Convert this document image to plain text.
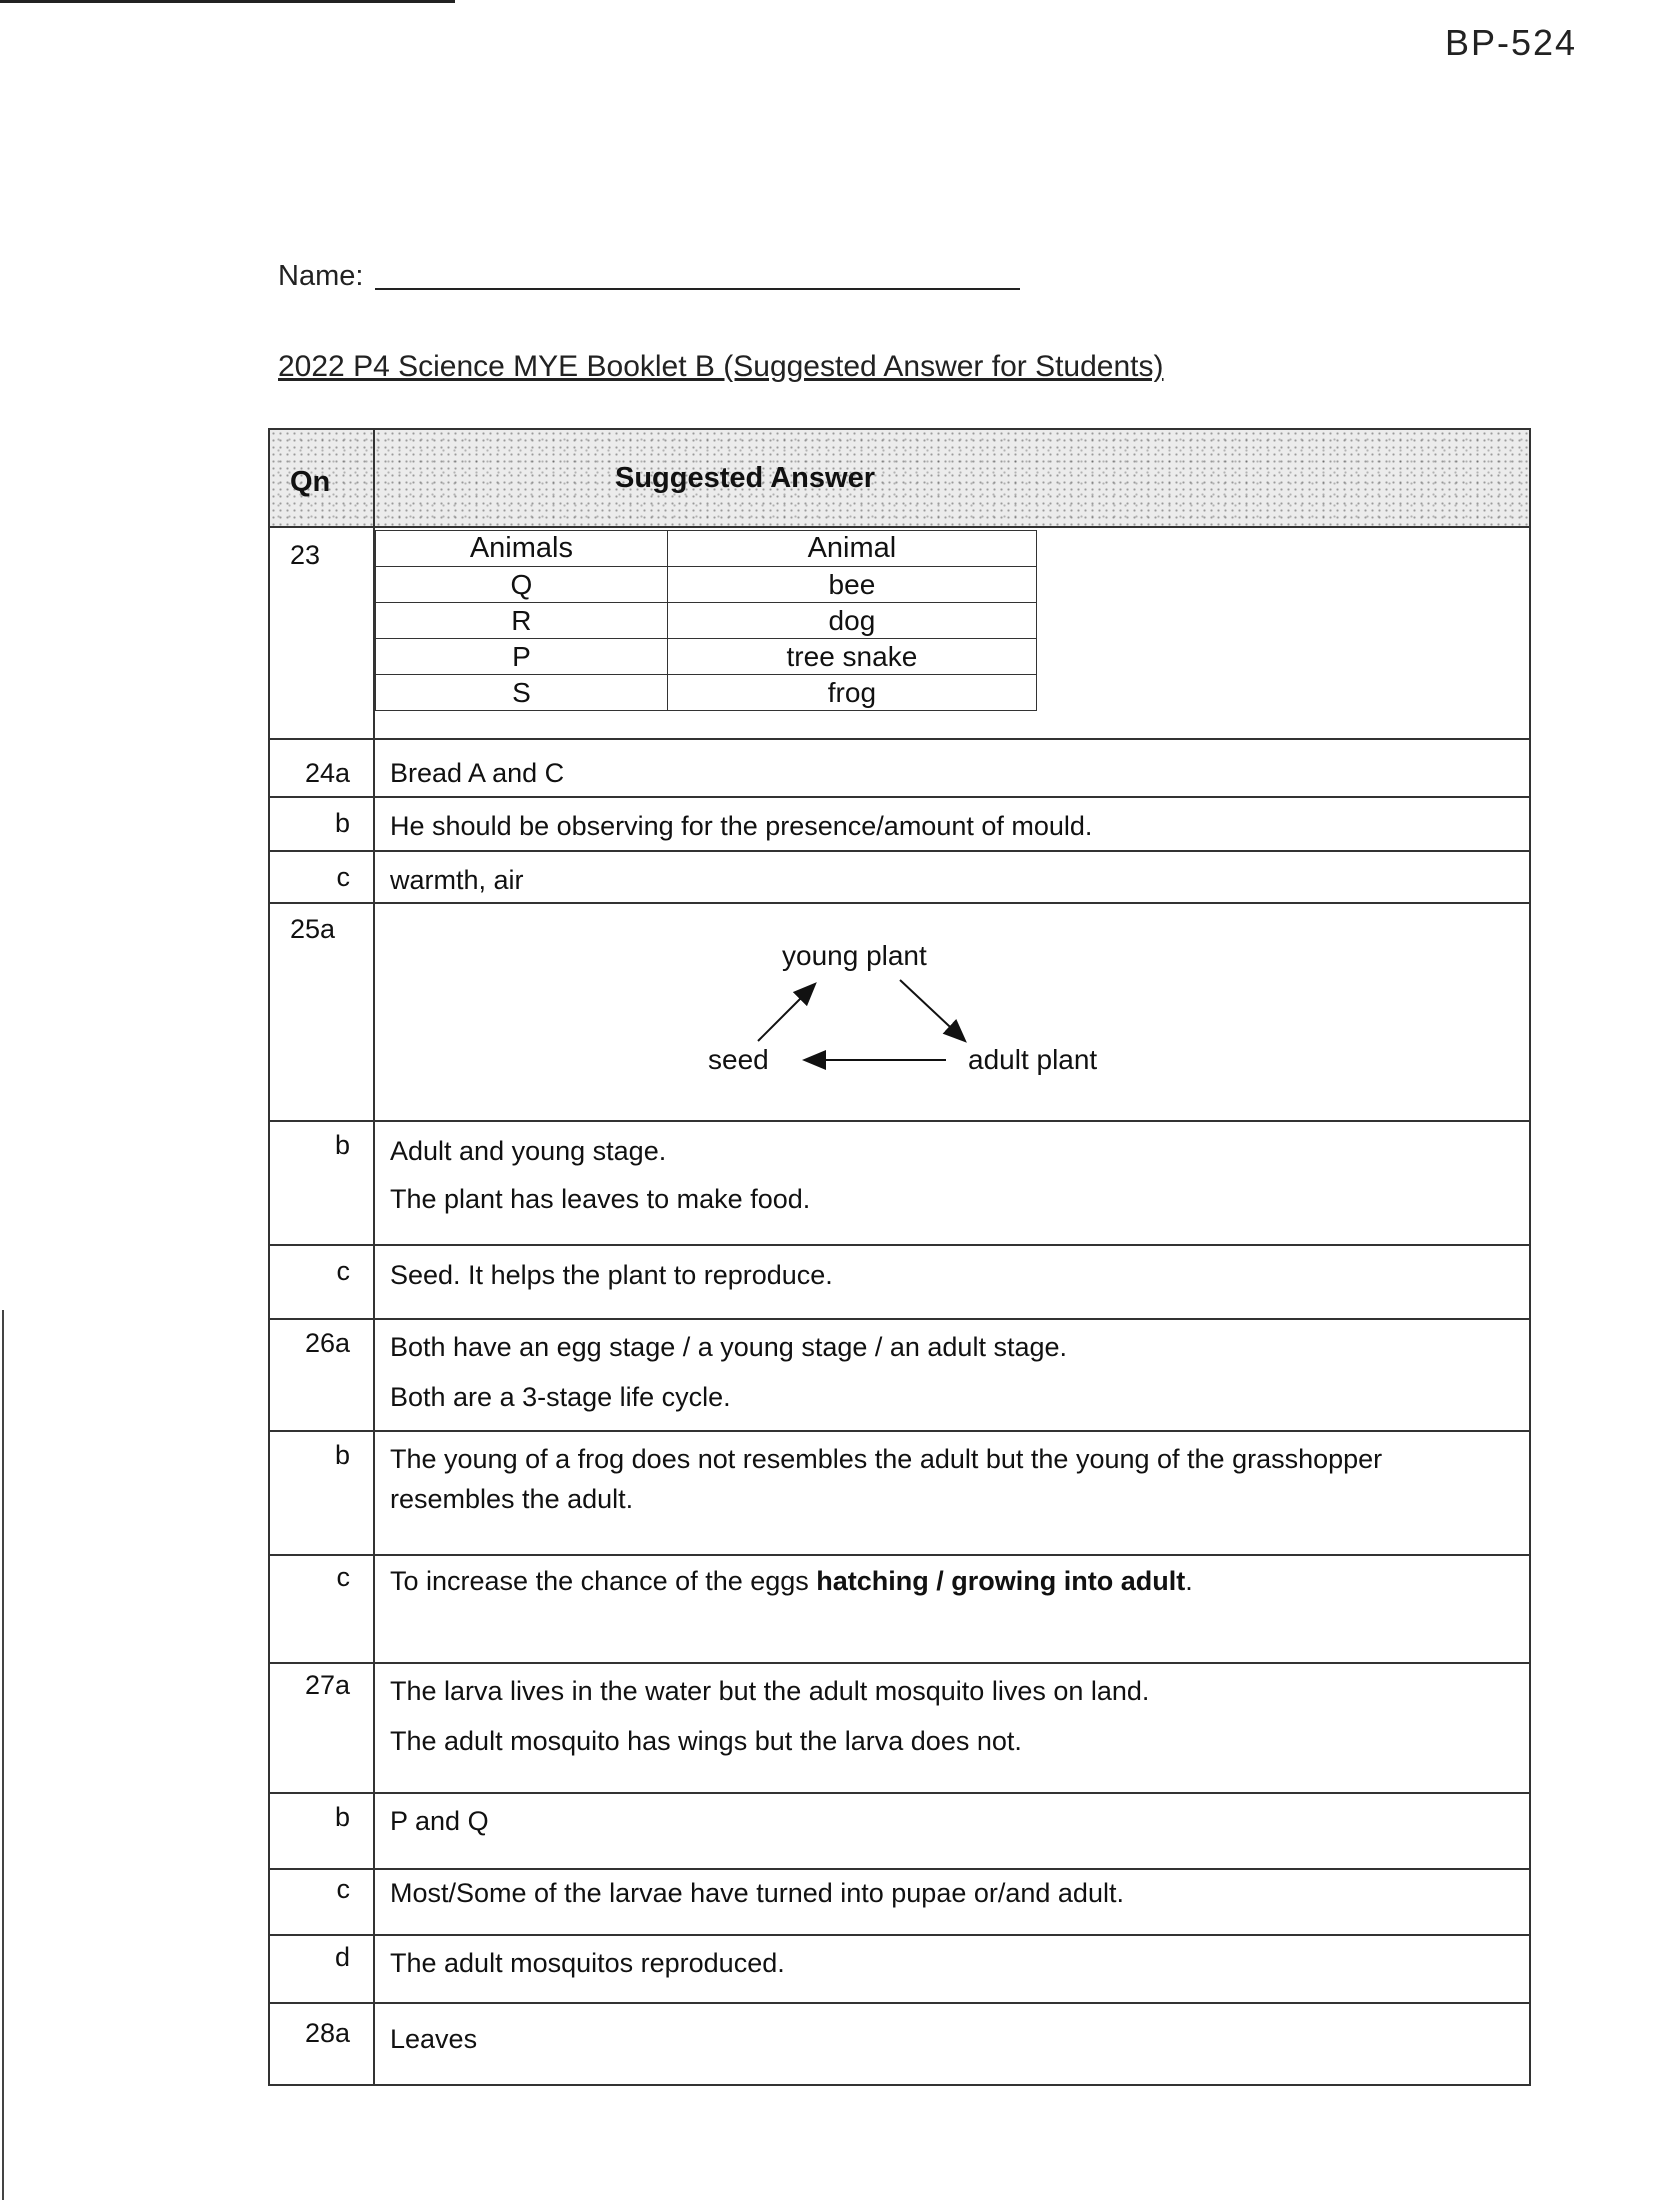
BP-524
Name:
2022 P4 Science MYE Booklet B (Suggested Answer for Students)
Qn	Suggested Answer
23	Animals	Animal
Q	bee
R	dog
P	tree snake
S	frog
24a Bread A and C
b He should be observing for the presence/amount of mould.
c warmth, air
25a
young plant
seed	adult plant
b Adult and young stage.
The plant has leaves to make food.
c Seed. It helps the plant to reproduce.
26a Both have an egg stage / a young stage / an adult stage.
Both are a 3-stage life cycle.
b The young of a frog does not resembles the adult but the young of the grasshopper
resembles the adult.
c To increase the chance of the eggs hatching / growing into adult.
27a The larva lives in the water but the adult mosquito lives on land.
The adult mosquito has wings but the larva does not.
b P and Q
c Most/Some of the larvae have turned into pupae or/and adult.
d The adult mosquitos reproduced.
28a Leaves
